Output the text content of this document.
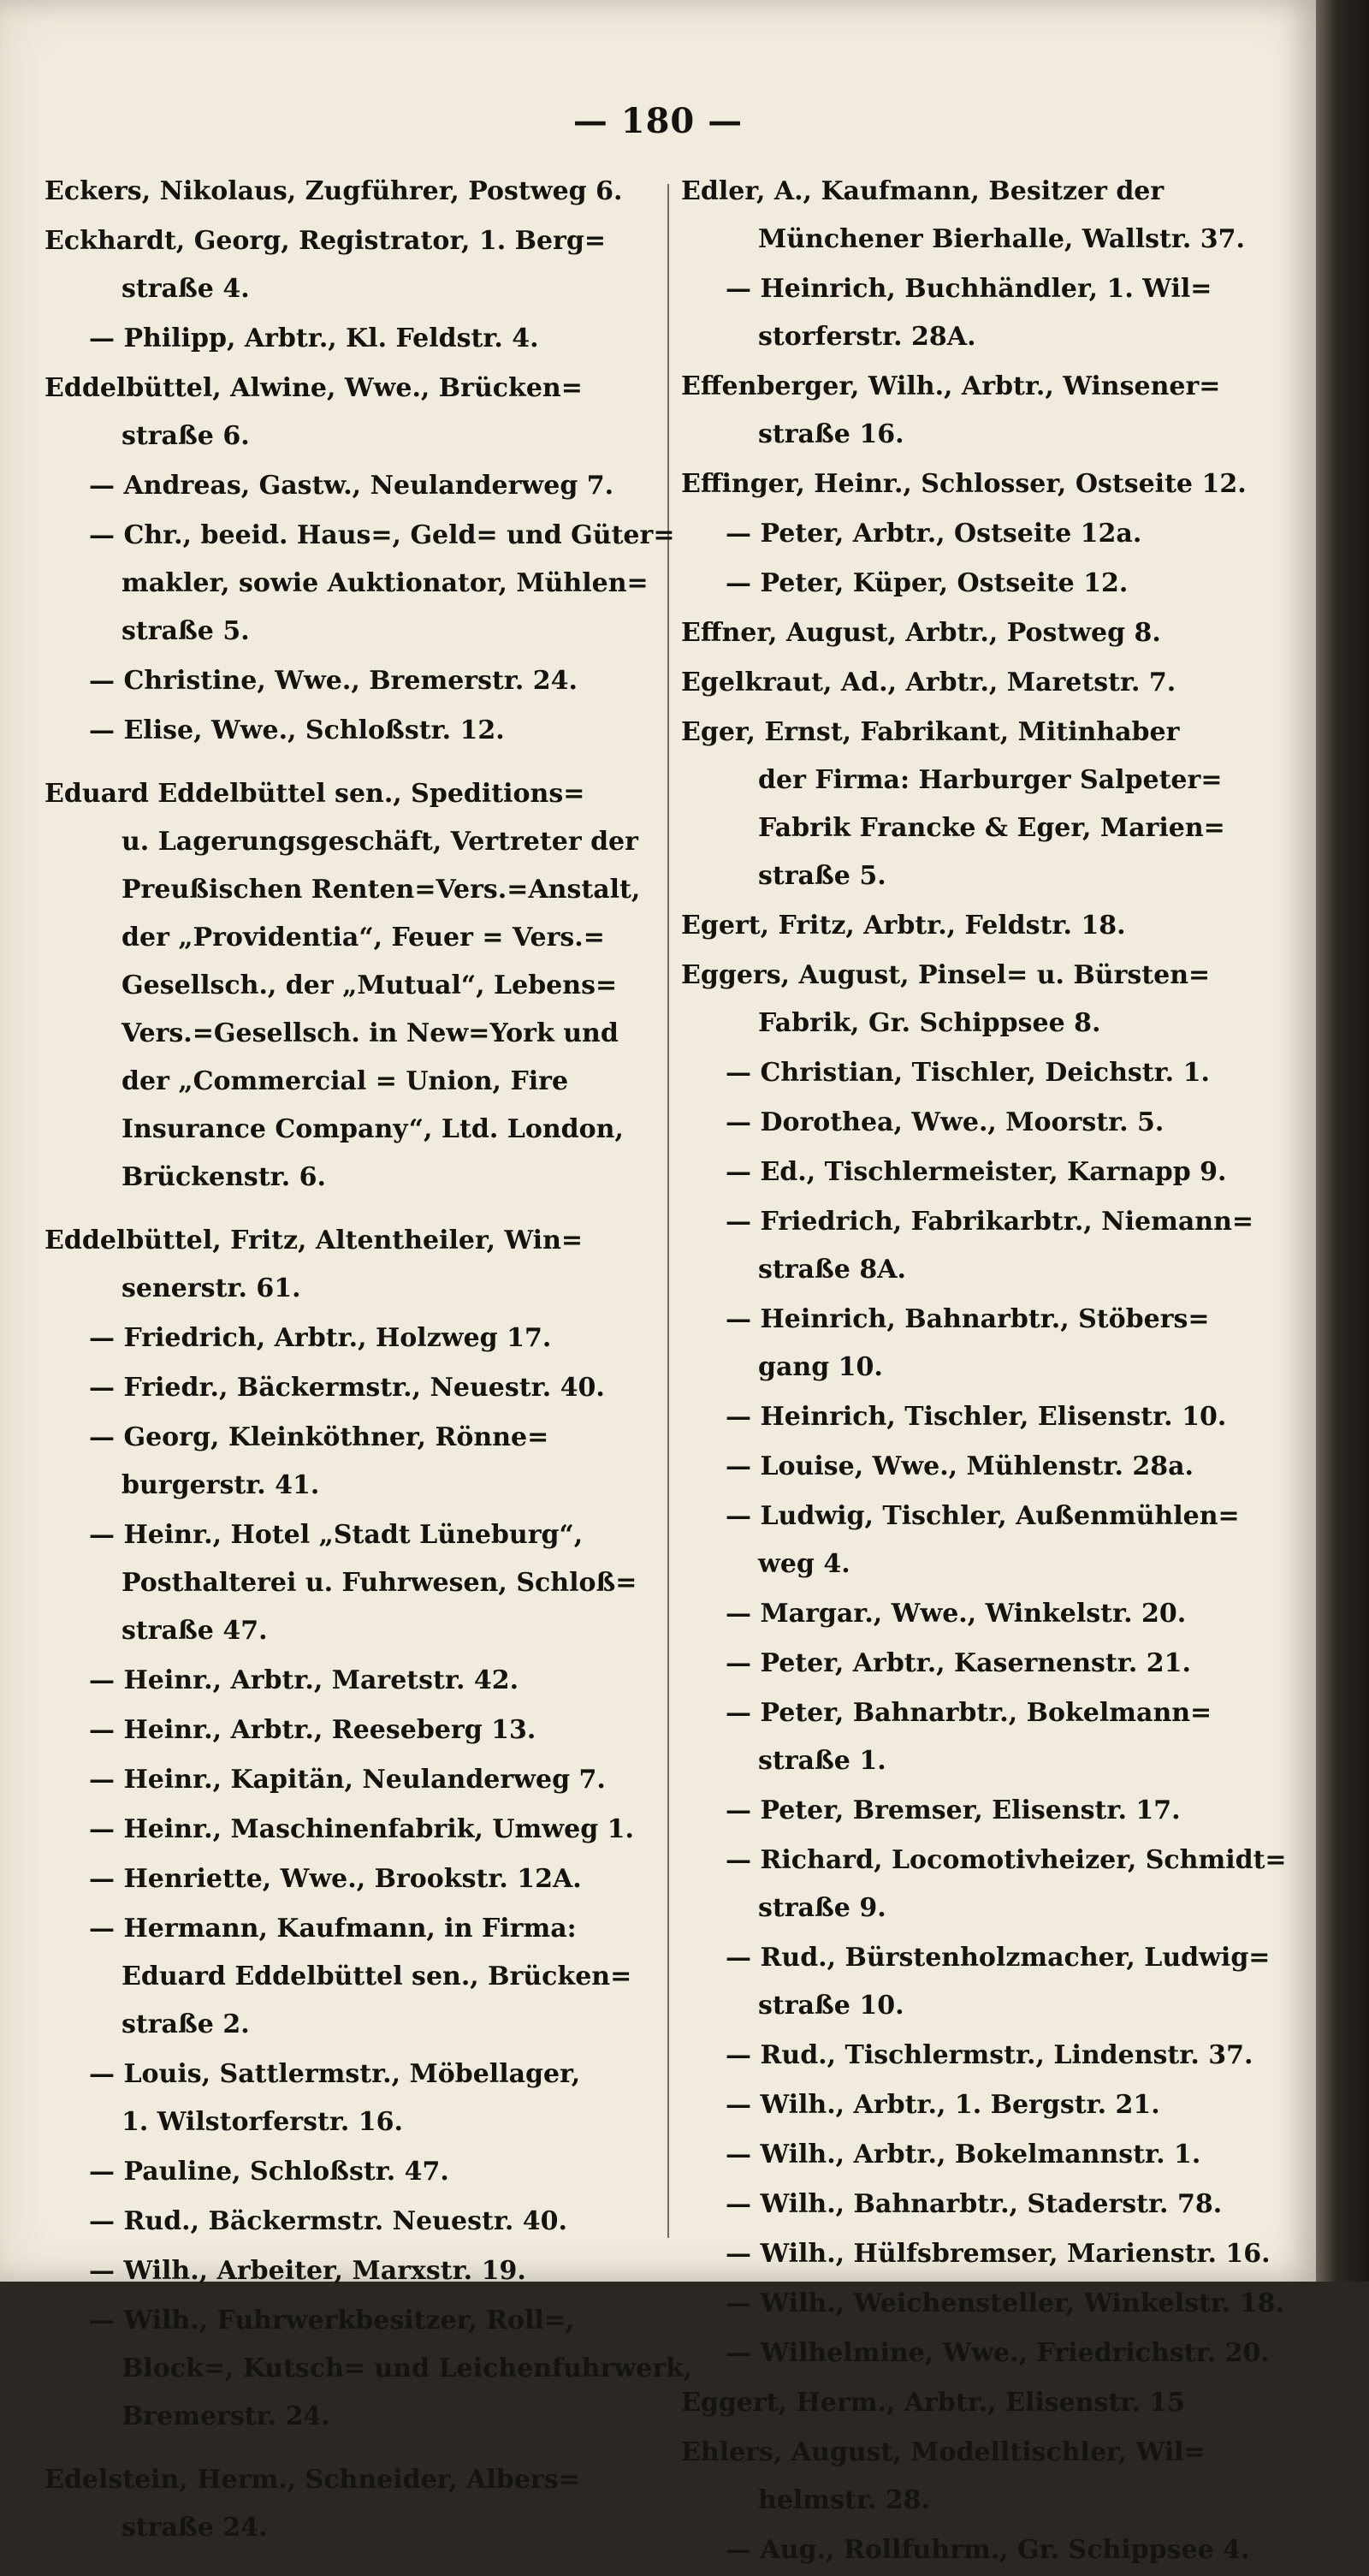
— 180 —
Eckers, Nikolaus, Zugführer, Postweg 6.
Eckhardt, Georg, Registrator, 1. Berg=
straße 4.
— Philipp, Arbtr., Kl. Feldstr. 4.
Eddelbüttel, Alwine, Wwe., Brücken=
straße 6.
— Andreas, Gastw., Neulanderweg 7.
— Chr., beeid. Haus=, Geld= und Güter=
makler, sowie Auktionator, Mühlen=
straße 5.
— Christine, Wwe., Bremerstr. 24.
— Elise, Wwe., Schloßstr. 12.
Eduard Eddelbüttel sen., Speditions=
u. Lagerungsgeschäft, Vertreter der
Preußischen Renten=Vers.=Anstalt,
der „Providentia“, Feuer = Vers.=
Gesellsch., der „Mutual“, Lebens=
Vers.=Gesellsch. in New=York und
der „Commercial = Union, Fire
Insurance Company“, Ltd. London,
Brückenstr. 6.
Eddelbüttel, Fritz, Altentheiler, Win=
senerstr. 61.
— Friedrich, Arbtr., Holzweg 17.
— Friedr., Bäckermstr., Neuestr. 40.
— Georg, Kleinköthner, Rönne=
burgerstr. 41.
— Heinr., Hotel „Stadt Lüneburg“,
Posthalterei u. Fuhrwesen, Schloß=
straße 47.
— Heinr., Arbtr., Maretstr. 42.
— Heinr., Arbtr., Reeseberg 13.
— Heinr., Kapitän, Neulanderweg 7.
— Heinr., Maschinenfabrik, Umweg 1.
— Henriette, Wwe., Brookstr. 12A.
— Hermann, Kaufmann, in Firma:
Eduard Eddelbüttel sen., Brücken=
straße 2.
— Louis, Sattlermstr., Möbellager,
1. Wilstorferstr. 16.
— Pauline, Schloßstr. 47.
— Rud., Bäckermstr. Neuestr. 40.
— Wilh., Arbeiter, Marxstr. 19.
— Wilh., Fuhrwerkbesitzer, Roll=,
Block=, Kutsch= und Leichenfuhrwerk,
Bremerstr. 24.
Edelstein, Herm., Schneider, Albers=
straße 24.
Edler, A., Kaufmann, Besitzer der
Münchener Bierhalle, Wallstr. 37.
— Heinrich, Buchhändler, 1. Wil=
storferstr. 28A.
Effenberger, Wilh., Arbtr., Winsener=
straße 16.
Effinger, Heinr., Schlosser, Ostseite 12.
— Peter, Arbtr., Ostseite 12a.
— Peter, Küper, Ostseite 12.
Effner, August, Arbtr., Postweg 8.
Egelkraut, Ad., Arbtr., Maretstr. 7.
Eger, Ernst, Fabrikant, Mitinhaber
der Firma: Harburger Salpeter=
Fabrik Francke & Eger, Marien=
straße 5.
Egert, Fritz, Arbtr., Feldstr. 18.
Eggers, August, Pinsel= u. Bürsten=
Fabrik, Gr. Schippsee 8.
— Christian, Tischler, Deichstr. 1.
— Dorothea, Wwe., Moorstr. 5.
— Ed., Tischlermeister, Karnapp 9.
— Friedrich, Fabrikarbtr., Niemann=
straße 8A.
— Heinrich, Bahnarbtr., Stöbers=
gang 10.
— Heinrich, Tischler, Elisenstr. 10.
— Louise, Wwe., Mühlenstr. 28a.
— Ludwig, Tischler, Außenmühlen=
weg 4.
— Margar., Wwe., Winkelstr. 20.
— Peter, Arbtr., Kasernenstr. 21.
— Peter, Bahnarbtr., Bokelmann=
straße 1.
— Peter, Bremser, Elisenstr. 17.
— Richard, Locomotivheizer, Schmidt=
straße 9.
— Rud., Bürstenholzmacher, Ludwig=
straße 10.
— Rud., Tischlermstr., Lindenstr. 37.
— Wilh., Arbtr., 1. Bergstr. 21.
— Wilh., Arbtr., Bokelmannstr. 1.
— Wilh., Bahnarbtr., Staderstr. 78.
— Wilh., Hülfsbremser, Marienstr. 16.
— Wilh., Weichensteller, Winkelstr. 18.
— Wilhelmine, Wwe., Friedrichstr. 20.
Eggert, Herm., Arbtr., Elisenstr. 15
Ehlers, August, Modelltischler, Wil=
helmstr. 28.
— Aug., Rollfuhrm., Gr. Schippsee 4.
